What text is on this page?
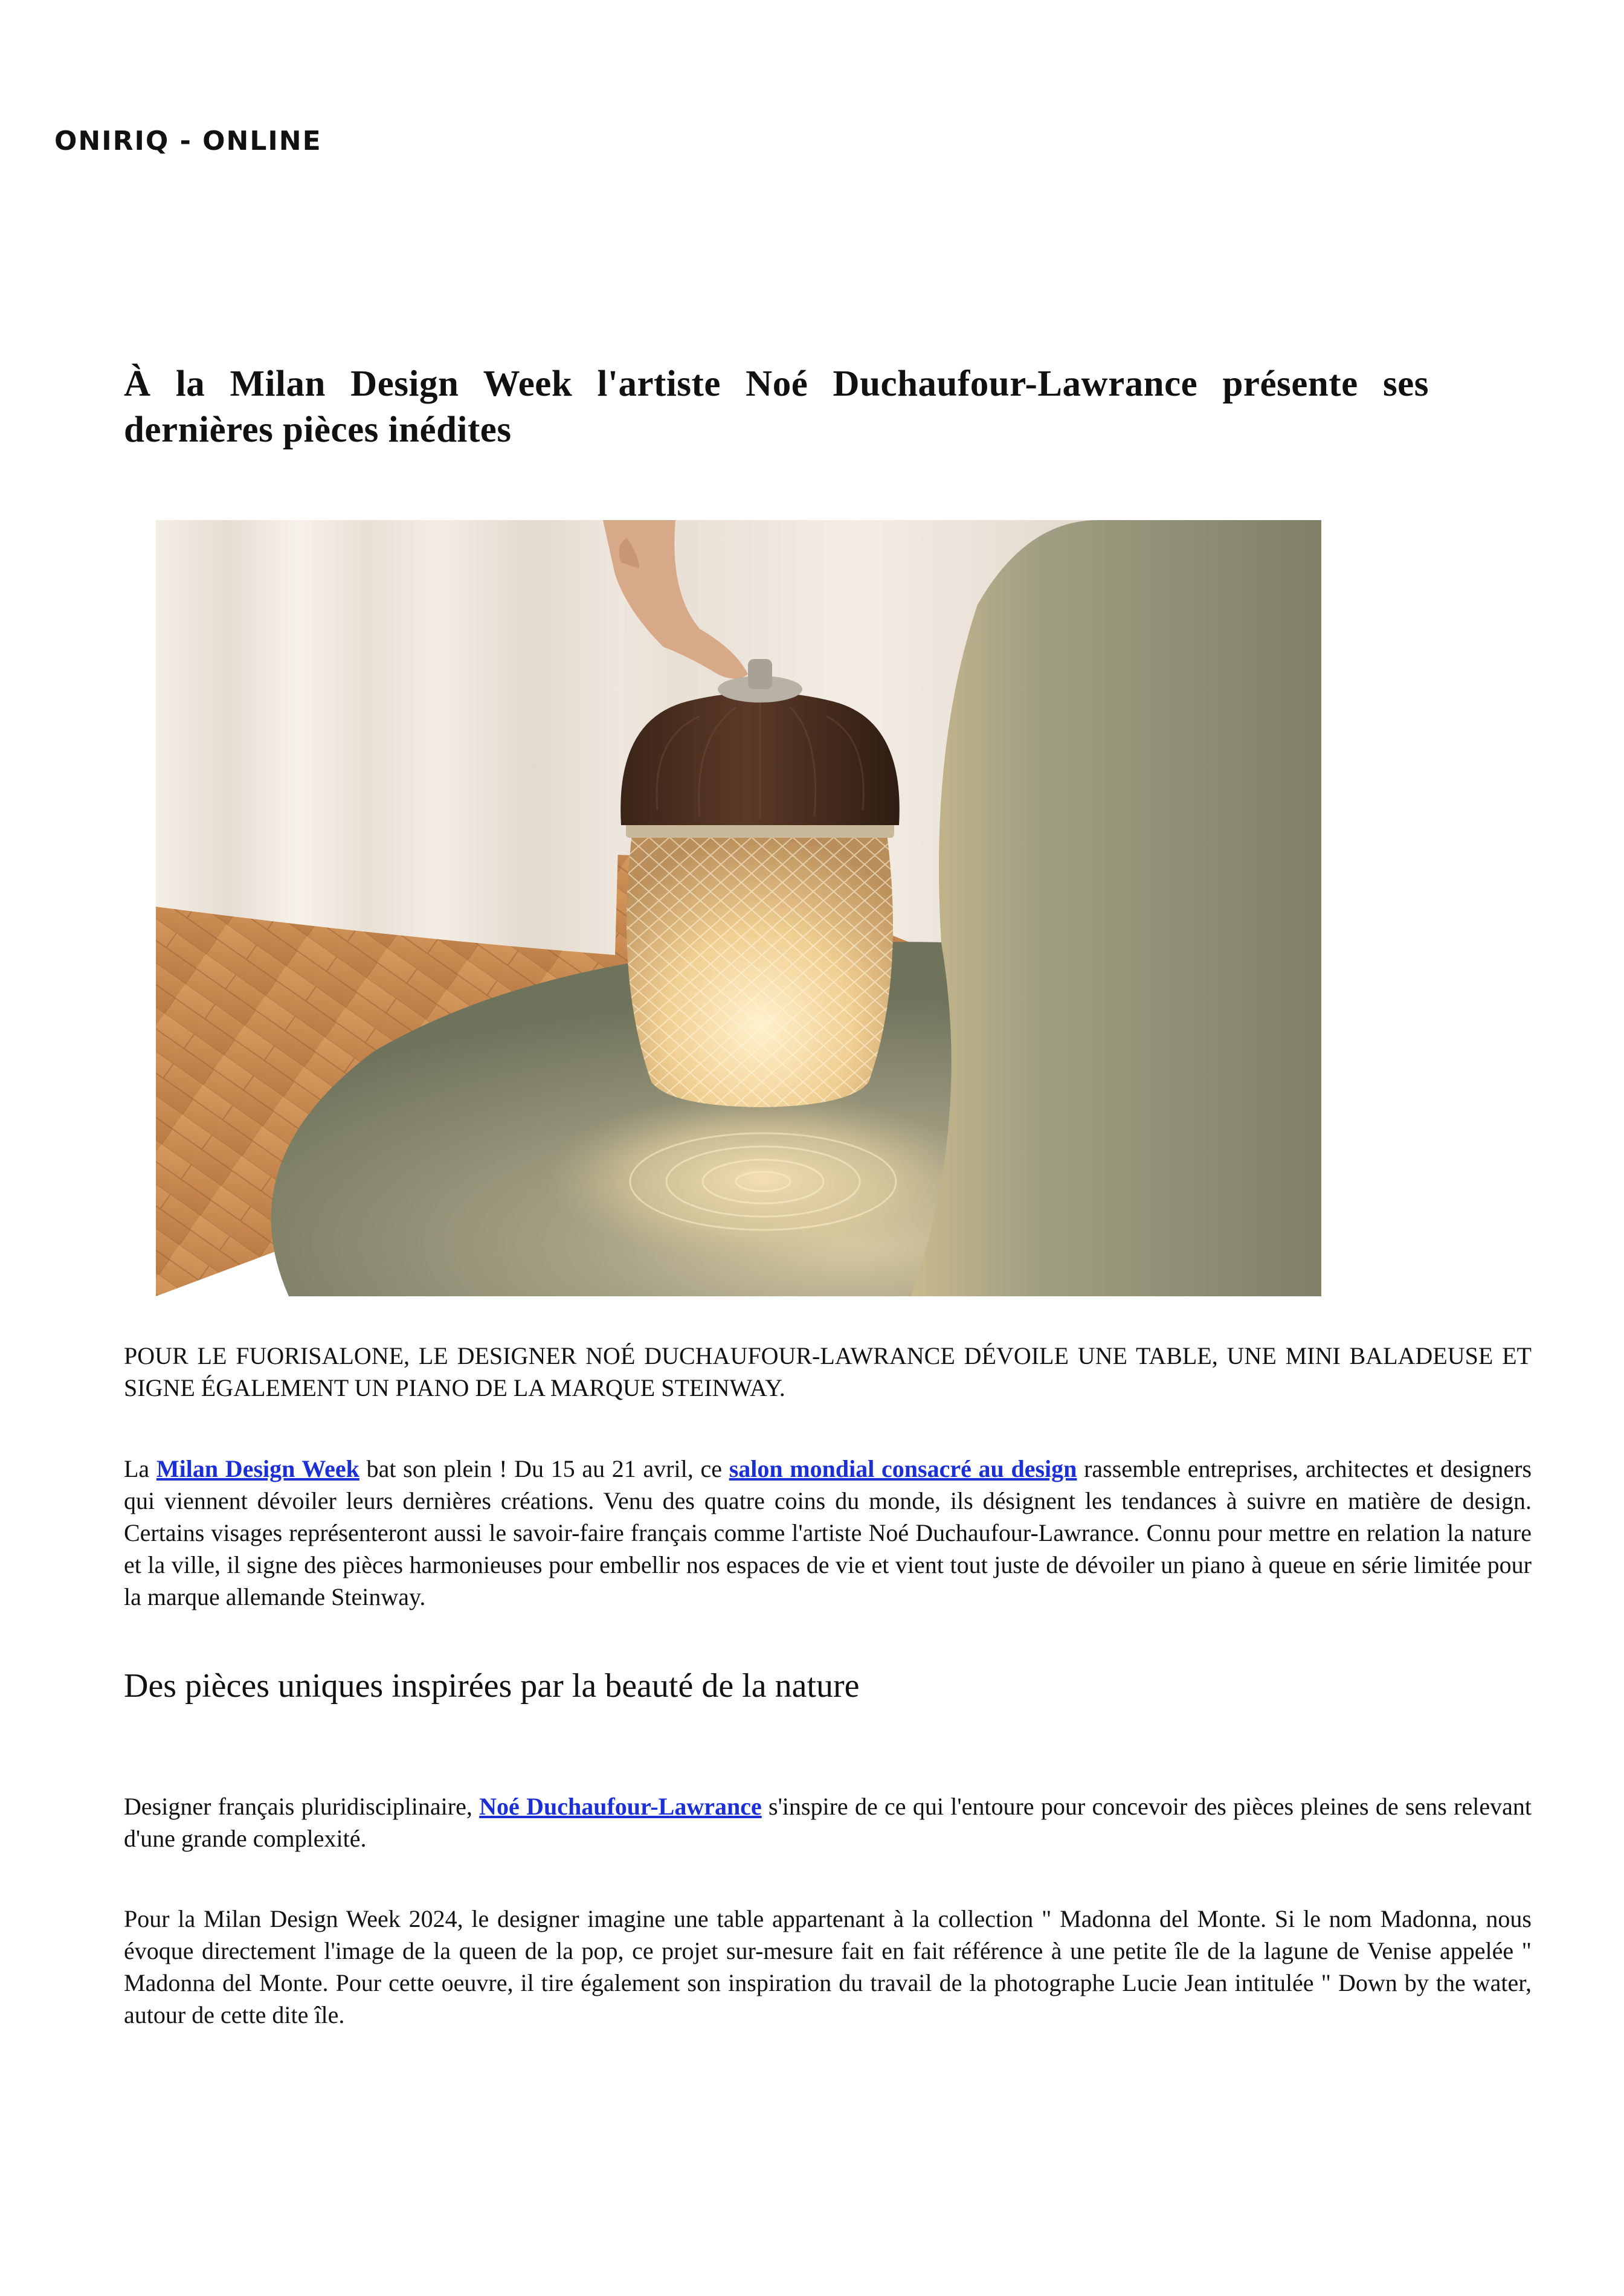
ONIRIQ - ONLINE
À la Milan Design Week l'artiste Noé Duchaufour-Lawrance présente ses dernières pièces inédites

POUR LE FUORISALONE, LE DESIGNER NOÉ DUCHAUFOUR-LAWRANCE DÉVOILE UNE TABLE, UNE MINI BALADEUSE ET SIGNE ÉGALEMENT UN PIANO DE LA MARQUE STEINWAY.

La Milan Design Week bat son plein ! Du 15 au 21 avril, ce salon mondial consacré au design rassemble entreprises, architectes et designers qui viennent dévoiler leurs dernières créations. Venu des quatre coins du monde, ils désignent les tendances à suivre en matière de design. Certains visages représenteront aussi le savoir-faire français comme l'artiste Noé Duchaufour-Lawrance. Connu pour mettre en relation la nature et la ville, il signe des pièces harmonieuses pour embellir nos espaces de vie et vient tout juste de dévoiler un piano à queue en série limitée pour la marque allemande Steinway.

Des pièces uniques inspirées par la beauté de la nature

Designer français pluridisciplinaire, Noé Duchaufour-Lawrance s'inspire de ce qui l'entoure pour concevoir des pièces pleines de sens relevant d'une grande complexité.

Pour la Milan Design Week 2024, le designer imagine une table appartenant à la collection " Madonna del Monte. Si le nom Madonna, nous évoque directement l'image de la queen de la pop, ce projet sur-mesure fait en fait référence à une petite île de la lagune de Venise appelée " Madonna del Monte. Pour cette oeuvre, il tire également son inspiration du travail de la photographe Lucie Jean intitulée " Down by the water, autour de cette dite île.
